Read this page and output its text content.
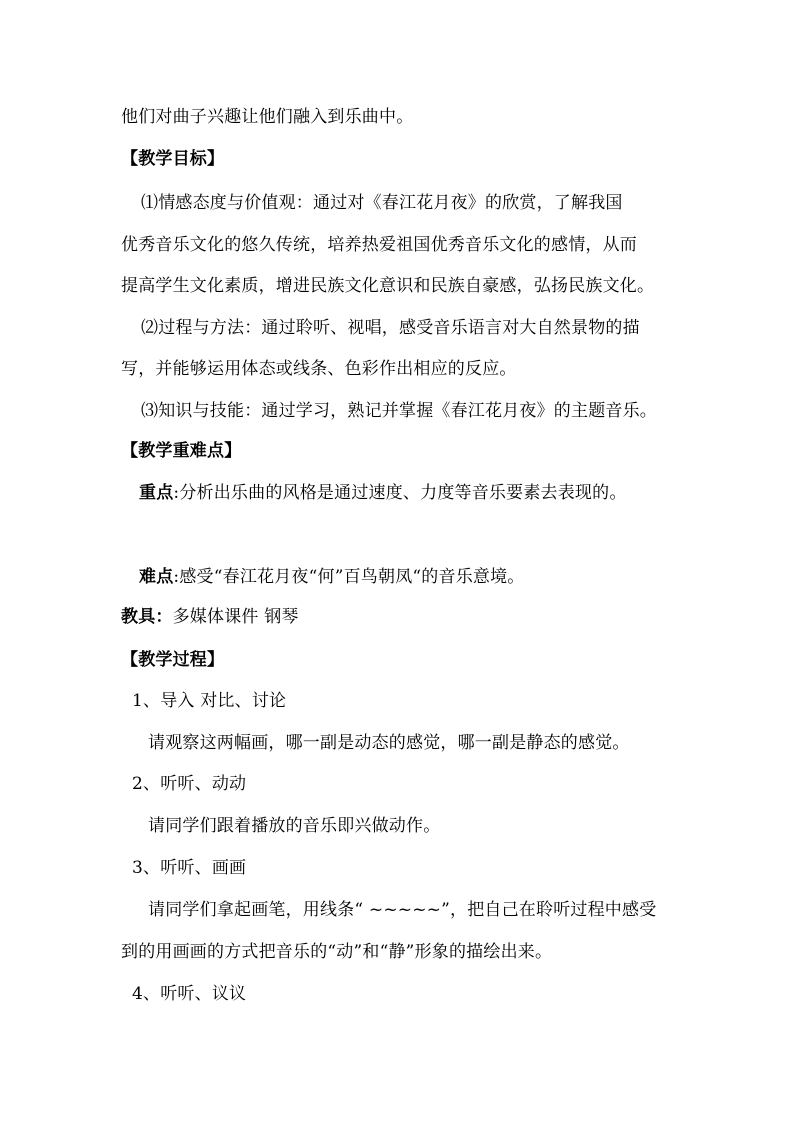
他们对曲子兴趣让他们融入到乐曲中。
【教学目标】
⑴情感态度与价值观：通过对《春江花月夜》的欣赏，了解我国
优秀音乐文化的悠久传统，培养热爱祖国优秀音乐文化的感情，从而
提高学生文化素质，增进民族文化意识和民族自豪感，弘扬民族文化。
⑵过程与方法：通过聆听、视唱，感受音乐语言对大自然景物的描
写，并能够运用体态或线条、色彩作出相应的反应。
⑶知识与技能：通过学习，熟记并掌握《春江花月夜》的主题音乐。
【教学重难点】
重点:分析出乐曲的风格是通过速度、力度等音乐要素去表现的。
难点:感受“春江花月夜“何”百鸟朝凤“的音乐意境。
教具：多媒体课件 钢琴
【教学过程】
1、导入 对比、讨论
请观察这两幅画，哪一副是动态的感觉，哪一副是静态的感觉。
2、听听、动动
请同学们跟着播放的音乐即兴做动作。
3、听听、画画
请同学们拿起画笔，用线条“ ~~~~~”，把自己在聆听过程中感受
到的用画画的方式把音乐的“动”和“静”形象的描绘出来。
4、听听、议议
